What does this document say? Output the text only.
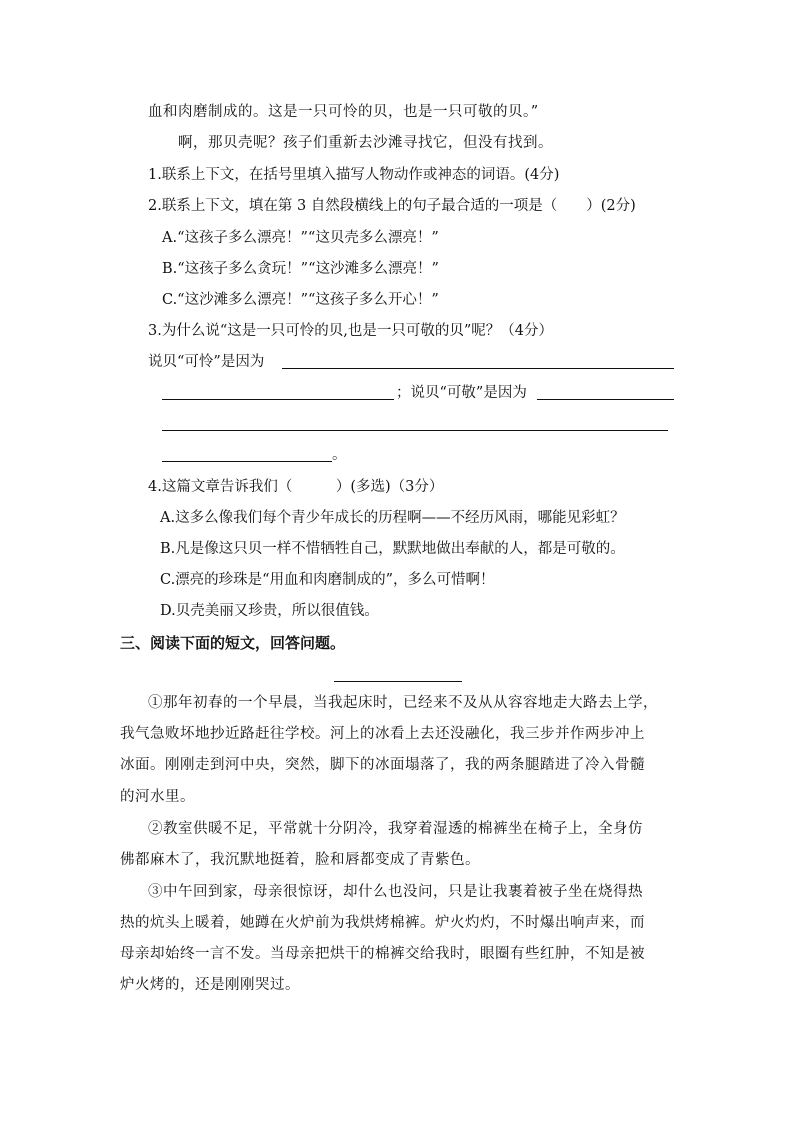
血和肉磨制成的。这是一只可怜的贝，也是一只可敬的贝。”
啊，那贝壳呢？孩子们重新去沙滩寻找它，但没有找到。
1.联系上下文，在括号里填入描写人物动作或神态的词语。(4分)
2.联系上下文，填在第 3 自然段横线上的句子最合适的一项是（　　）(2分)
A.“这孩子多么漂亮！”“这贝壳多么漂亮！”
B.“这孩子多么贪玩！”“这沙滩多么漂亮！”
C.“这沙滩多么漂亮！”“这孩子多么开心！”
3.为什么说“这是一只可怜的贝,也是一只可敬的贝”呢？（4分）
说贝“可怜”是因为
；说贝“可敬”是因为
。
4.这篇文章告诉我们（　　　）(多选)（3分）
A.这多么像我们每个青少年成长的历程啊——不经历风雨，哪能见彩虹？
B.凡是像这只贝一样不惜牺牲自己，默默地做出奉献的人，都是可敬的。
C.漂亮的珍珠是“用血和肉磨制成的”，多么可惜啊！
D.贝壳美丽又珍贵，所以很值钱。
三、阅读下面的短文，回答问题。
①那年初春的一个早晨，当我起床时，已经来不及从从容容地走大路去上学，
我气急败坏地抄近路赶往学校。河上的冰看上去还没融化，我三步并作两步冲上
冰面。刚刚走到河中央，突然，脚下的冰面塌落了，我的两条腿踏进了冷入骨髓
的河水里。
②教室供暖不足，平常就十分阴冷，我穿着湿透的棉裤坐在椅子上，全身仿
佛都麻木了，我沉默地挺着，脸和唇都变成了青紫色。
③中午回到家，母亲很惊讶，却什么也没问，只是让我裹着被子坐在烧得热
热的炕头上暖着，她蹲在火炉前为我烘烤棉裤。炉火灼灼，不时爆出响声来，而
母亲却始终一言不发。当母亲把烘干的棉裤交给我时，眼圈有些红肿，不知是被
炉火烤的，还是刚刚哭过。
